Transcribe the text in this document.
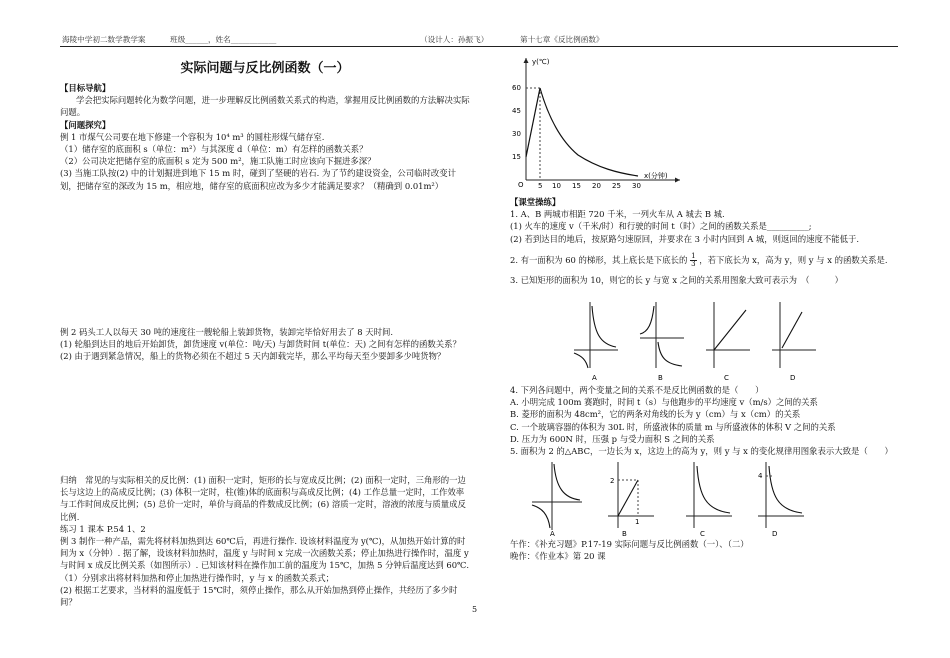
海陵中学初二数学教学案	班级______，姓名____________	（设计人：孙振飞）	第十七章《反比例函数》
实际问题与反比例函数（一）

【目标导航】

学会把实际问题转化为数学问题，进一步理解反比例函数关系式的构造，掌握用反比例函数的方法解决实际问题。

【问题探究】

例 1 市煤气公司要在地下修建一个容积为 10⁴ m³ 的圆柱形煤气储存室.

（1）储存室的底面积 s（单位：m²）与其深度 d（单位：m）有怎样的函数关系？

（2）公司决定把储存室的底面积 s 定为 500 m²，施工队施工时应该向下掘进多深？

(3) 当施工队按(2) 中的计划掘进到地下 15 m 时，碰到了坚硬的岩石. 为了节约建设资金，公司临时改变计划，把储存室的深改为 15 m，相应地，储存室的底面积应改为多少才能满足要求？（精确到 0.01m²）

例 2 码头工人以每天 30 吨的速度往一艘轮船上装卸货物，装卸完毕恰好用去了 8 天时间.

(1) 轮船到达目的地后开始卸货，卸货速度 v(单位：吨/天) 与卸货时间 t(单位：天) 之间有怎样的函数关系？

(2) 由于遇到紧急情况，船上的货物必须在不超过 5 天内卸载完毕，那么平均每天至少要卸多少吨货物？

归纳　常见的与实际相关的反比例：(1) 面积一定时，矩形的长与宽成反比例；(2) 面积一定时，三角形的一边长与这边上的高成反比例；(3) 体积一定时，柱(锥)体的底面积与高成反比例；(4) 工作总量一定时，工作效率与工作时间成反比例；(5) 总价一定时，单价与商品的件数成反比例；(6) 溶质一定时，溶液的浓度与质量成反比例.

练习 1 课本 P.54 1、2

例 3 制作一种产品，需先将材料加热到达 60℃后，再进行操作. 设该材料温度为 y(℃)，从加热开始计算的时间为 x（分钟）. 据了解，设该材料加热时，温度 y 与时间 x 完成一次函数关系；停止加热进行操作时，温度 y 与时间 x 成反比例关系（如图所示）. 已知该材料在操作加工前的温度为 15℃，加热 5 分钟后温度达到 60℃.

（1）分别求出将材料加热和停止加热进行操作时，y 与 x 的函数关系式；

(2) 根据工艺要求，当材料的温度低于 15℃时，须停止操作，那么从开始加热到停止操作，共经历了多少时间？

y(℃)
x(分钟)
O
60
45
30
15
5 10 15 20 25 30

【课堂操练】

1. A、B 两城市相距 720 千米，一列火车从 A 城去 B 城.

(1) 火车的速度 v（千米/时）和行驶的时间 t（时）之间的函数关系是__________;

(2) 若到达目的地后，按原路匀速原回，并要求在 3 小时内回到 A 城，则返回的速度不能低于.

2. 有一面积为 60 的梯形，其上底长是下底长的 $\frac{1}{3}$ ，若下底长为 x，高为 y，则 y 与 x 的函数关系是.

3. 已知矩形的面积为 10，则它的长 y 与宽 x 之间的关系用图象大致可表示为　（　　　）

A	B	C	D

4. 下列各问题中，两个变量之间的关系不是反比例函数的是（　　）

A. 小明完成 100m 赛跑时，时间 t（s）与他跑步的平均速度 v（m/s）之间的关系

B. 菱形的面积为 48cm²，它的两条对角线的长为 y（cm）与 x（cm）的关系

C. 一个玻璃容器的体积为 30L 时，所盛液体的质量 m 与所盛液体的体积 V 之间的关系

D. 压力为 600N 时，压强 p 与受力面积 S 之间的关系

5. 面积为 2 的△ABC，一边长为 x，这边上的高为 y，则 y 与 x 的变化规律用图象表示大致是（　　）

A
2
1
B	C
4
D

午作：《补充习题》P.17-19 实际问题与反比例函数（一）、（二）

晚作：《作业本》第 20 课

5
